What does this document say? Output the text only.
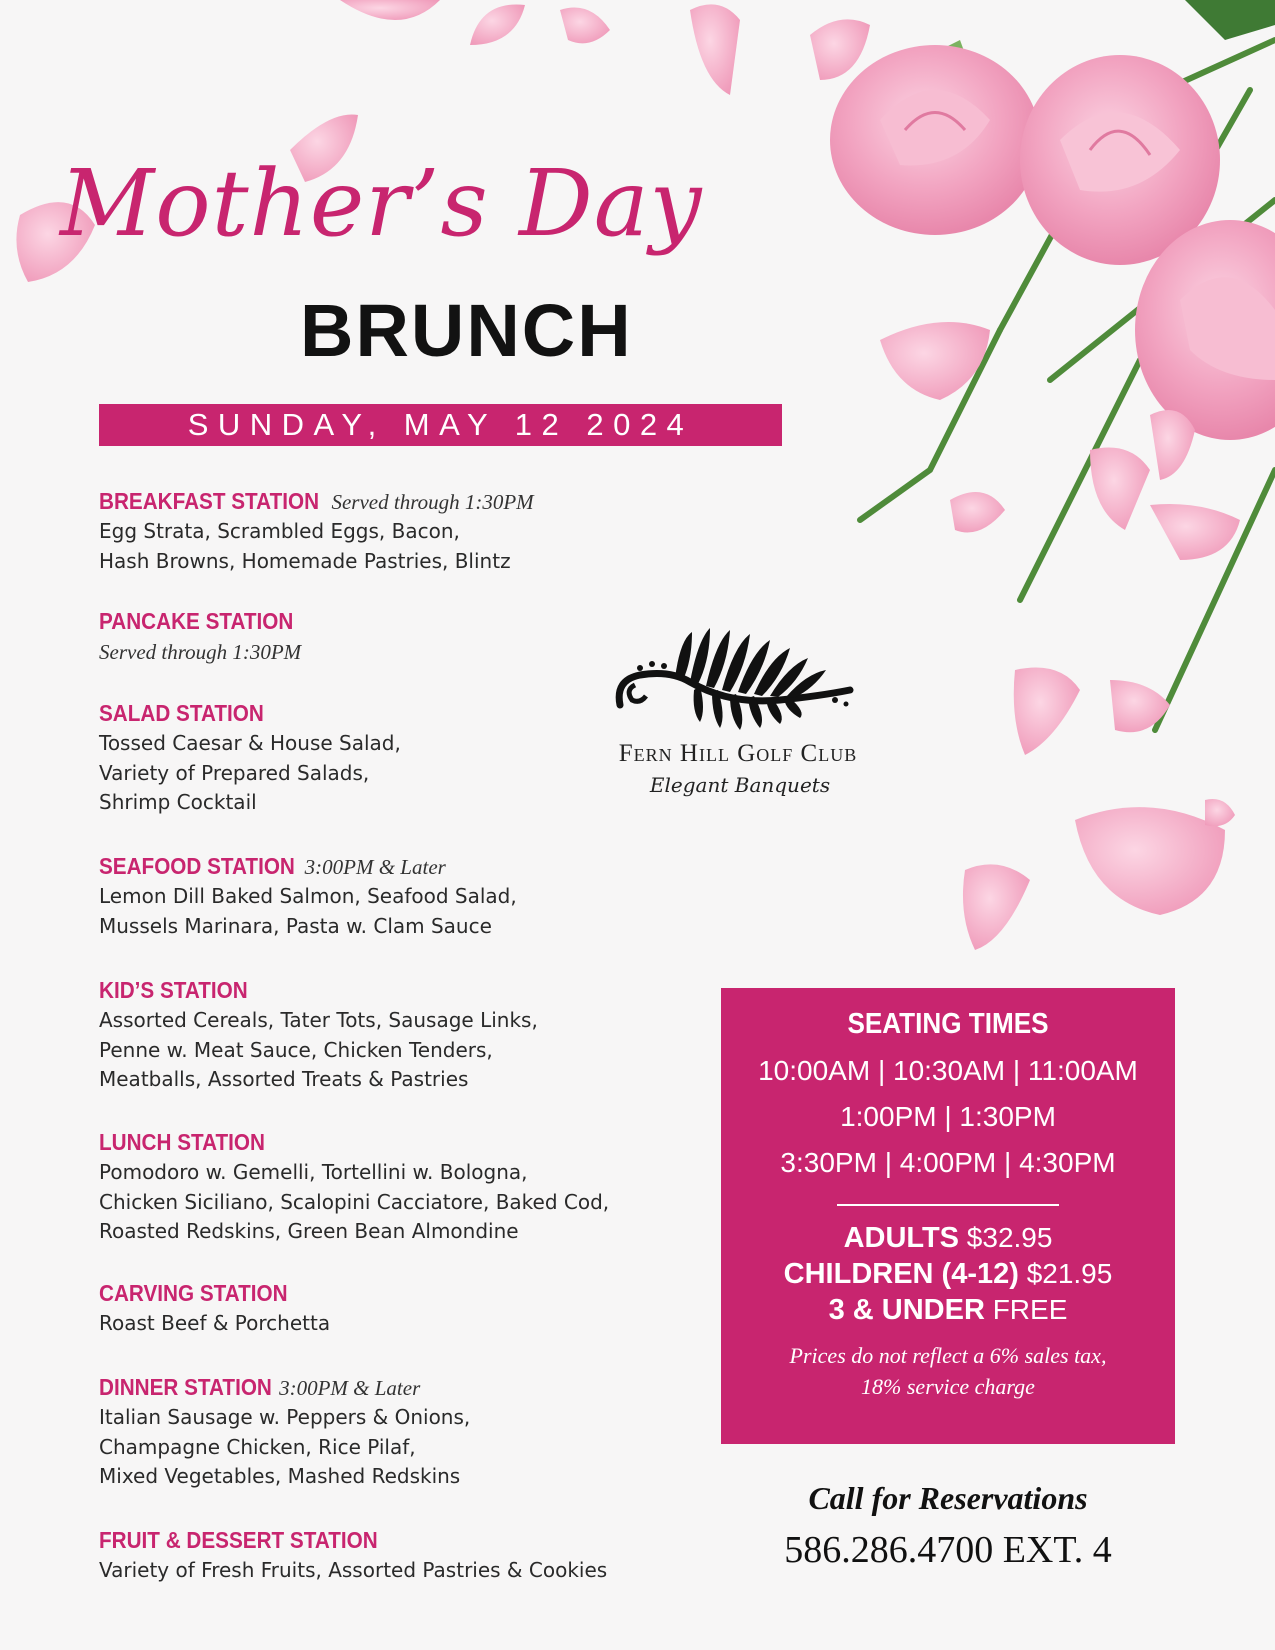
Mother’s Day
BRUNCH
SUNDAY, MAY 12 2024
BREAKFAST STATION Served through 1:30PM
Egg Strata, Scrambled Eggs, Bacon,
Hash Browns, Homemade Pastries, Blintz
PANCAKE STATION
Served through 1:30PM
SALAD STATION
Tossed Caesar & House Salad,
Variety of Prepared Salads,
Shrimp Cocktail
SEAFOOD STATION 3:00PM & Later
Lemon Dill Baked Salmon, Seafood Salad,
Mussels Marinara, Pasta w. Clam Sauce
KID’S STATION
Assorted Cereals, Tater Tots, Sausage Links,
Penne w. Meat Sauce, Chicken Tenders,
Meatballs, Assorted Treats & Pastries
LUNCH STATION
Pomodoro w. Gemelli, Tortellini w. Bologna,
Chicken Siciliano, Scalopini Cacciatore, Baked Cod,
Roasted Redskins, Green Bean Almondine
CARVING STATION
Roast Beef & Porchetta
DINNER STATION 3:00PM & Later
Italian Sausage w. Peppers & Onions,
Champagne Chicken, Rice Pilaf,
Mixed Vegetables, Mashed Redskins
FRUIT & DESSERT STATION
Variety of Fresh Fruits, Assorted Pastries & Cookies
Fern Hill Golf Club
Elegant Banquets
SEATING TIMES
10:00AM | 10:30AM | 11:00AM
1:00PM | 1:30PM
3:30PM | 4:00PM | 4:30PM
ADULTS $32.95
CHILDREN (4-12) $21.95
3 & UNDER FREE
Prices do not reflect a 6% sales tax,
18% service charge
Call for Reservations
586.286.4700 EXT. 4
